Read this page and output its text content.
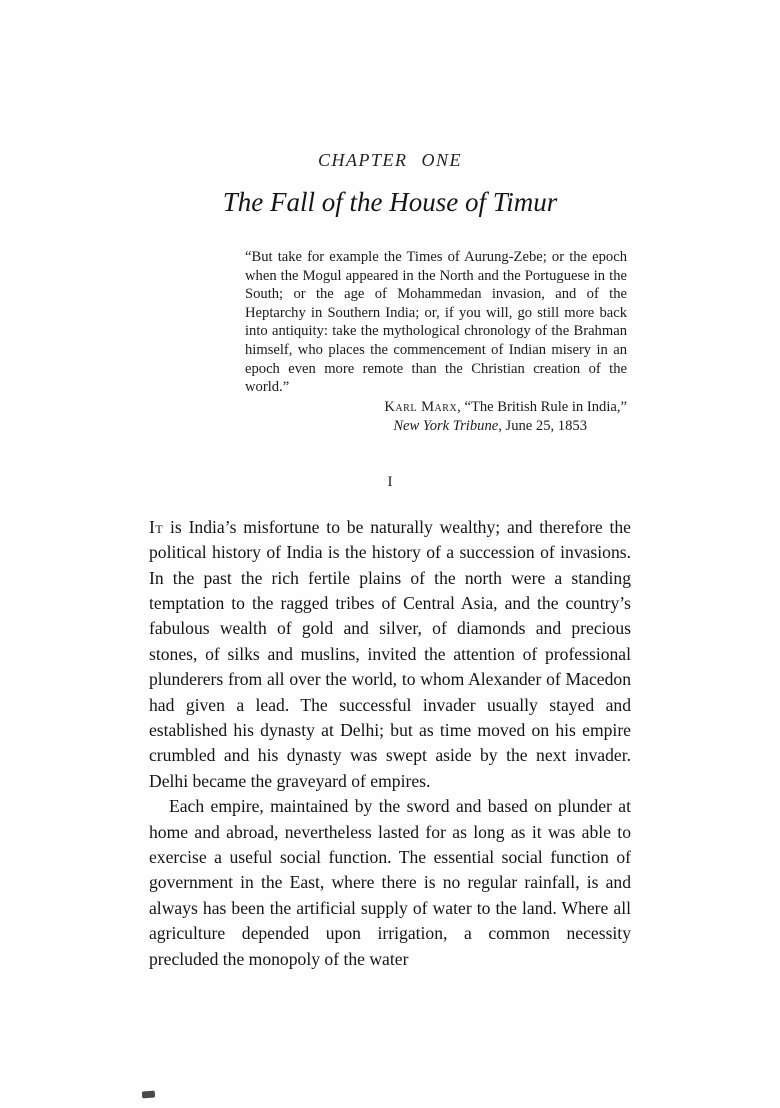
CHAPTER ONE
The Fall of the House of Timur
“But take for example the Times of Aurung-Zebe; or the epoch when the Mogul appeared in the North and the Portuguese in the South; or the age of Mohammedan invasion, and of the Heptarchy in Southern India; or, if you will, go still more back into antiquity: take the mythological chronology of the Brahman himself, who places the commencement of Indian misery in an epoch even more remote than the Christian creation of the world.”
Karl Marx, “The British Rule in India,”
New York Tribune, June 25, 1853
I

It is India’s misfortune to be naturally wealthy; and therefore the political history of India is the history of a succession of invasions. In the past the rich fertile plains of the north were a standing temptation to the ragged tribes of Central Asia, and the country’s fabulous wealth of gold and silver, of diamonds and precious stones, of silks and muslins, invited the attention of professional plunderers from all over the world, to whom Alexander of Macedon had given a lead. The successful invader usually stayed and established his dynasty at Delhi; but as time moved on his empire crumbled and his dynasty was swept aside by the next invader. Delhi became the graveyard of empires.

Each empire, maintained by the sword and based on plunder at home and abroad, nevertheless lasted for as long as it was able to exercise a useful social function. The essential social function of government in the East, where there is no regular rainfall, is and always has been the artificial supply of water to the land. Where all agriculture depended upon irrigation, a common necessity precluded the monopoly of the water
